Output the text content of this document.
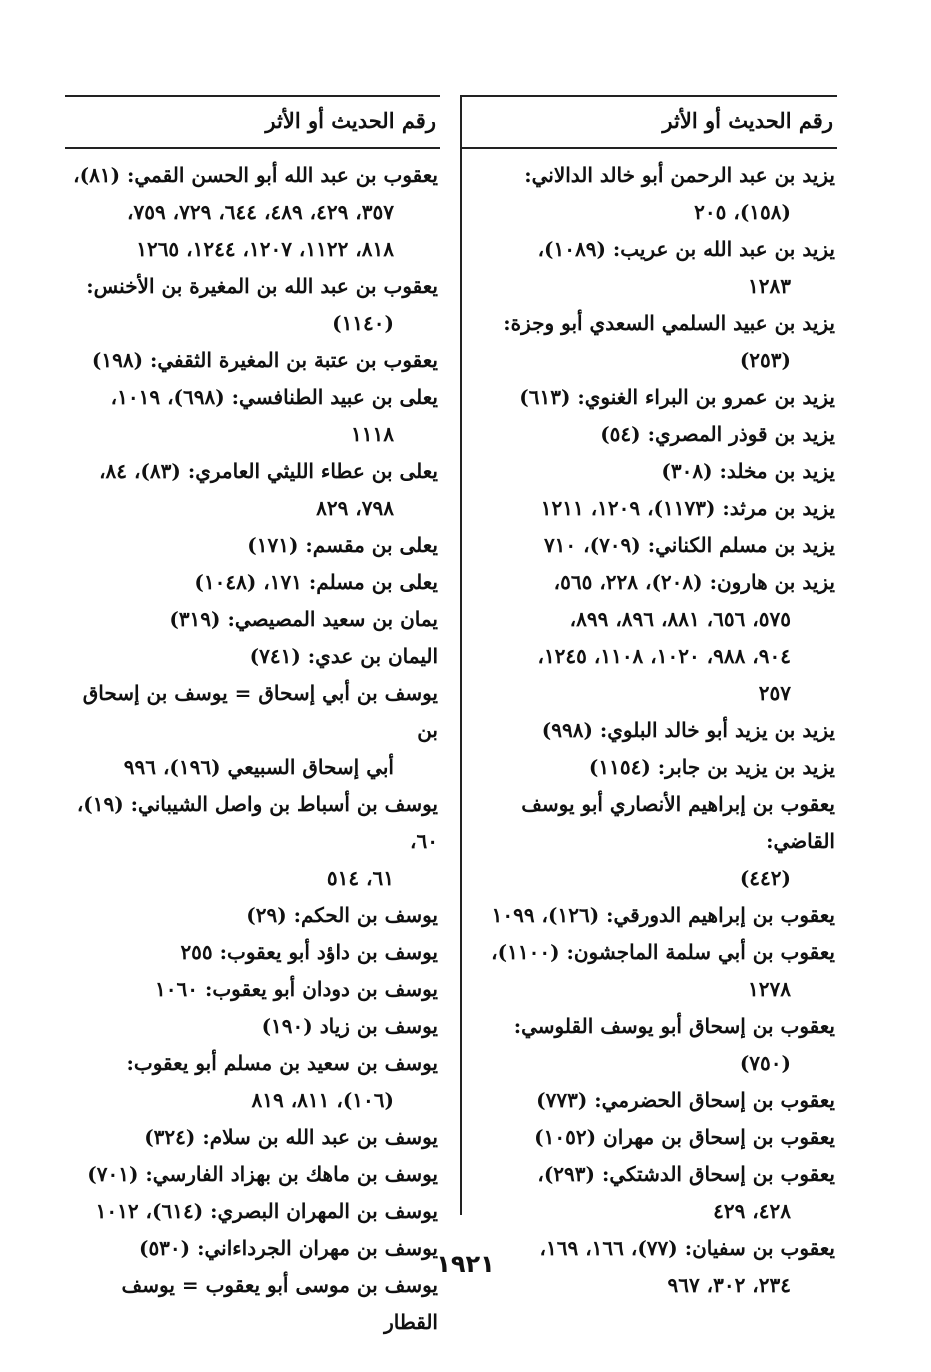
رقم الحديث أو الأثر
يزيد بن عبد الرحمن أبو خالد الدالاني:
(١٥٨)، ٢٠٥
يزيد بن عبد الله بن عريب: (١٠٨٩)،
١٢٨٣
يزيد بن عبيد السلمي السعدي أبو وجزة:
(٢٥٣)
يزيد بن عمرو بن البراء الغنوي: (٦١٣)
يزيد بن قوذر المصري: (٥٤)
يزيد بن مخلد: (٣٠٨)
يزيد بن مرثد: (١١٧٣)، ١٢٠٩، ١٢١١
يزيد بن مسلم الكناني: (٧٠٩)، ٧١٠
يزيد بن هارون: (٢٠٨)، ٢٢٨، ٥٦٥،
٥٧٥، ٦٥٦، ٨٨١، ٨٩٦، ٨٩٩،
٩٠٤، ٩٨٨، ١٠٢٠، ١١٠٨، ١٢٤٥،
٢٥٧
يزيد بن يزيد أبو خالد البلوي: (٩٩٨)
يزيد بن يزيد بن جابر: (١١٥٤)
يعقوب بن إبراهيم الأنصاري أبو يوسف القاضي:
(٤٤٢)
يعقوب بن إبراهيم الدورقي: (١٢٦)، ١٠٩٩
يعقوب بن أبي سلمة الماجشون: (١١٠٠)،
١٢٧٨
يعقوب بن إسحاق أبو يوسف القلوسي:
(٧٥٠)
يعقوب بن إسحاق الحضرمي: (٧٧٣)
يعقوب بن إسحاق بن مهران (١٠٥٢)
يعقوب بن إسحاق الدشتكي: (٢٩٣)،
٤٢٨، ٤٢٩
يعقوب بن سفيان: (٧٧)، ١٦٦، ١٦٩،
٢٣٤، ٣٠٢، ٩٦٧
رقم الحديث أو الأثر
يعقوب بن عبد الله أبو الحسن القمي: (٨١)،
٣٥٧، ٤٢٩، ٤٨٩، ٦٤٤، ٧٢٩، ٧٥٩،
٨١٨، ١١٢٢، ١٢٠٧، ١٢٤٤، ١٢٦٥
يعقوب بن عبد الله بن المغيرة بن الأخنس:
(١١٤٠)
يعقوب بن عتبة بن المغيرة الثقفي: (١٩٨)
يعلى بن عبيد الطنافسي: (٦٩٨)، ١٠١٩،
١١١٨
يعلى بن عطاء الليثي العامري: (٨٣)، ٨٤،
٧٩٨، ٨٢٩
يعلى بن مقسم: (١٧١)
يعلى بن مسلم: ١٧١، (١٠٤٨)
يمان بن سعيد المصيصي: (٣١٩)
اليمان بن عدي: (٧٤١)
يوسف بن أبي إسحاق = يوسف بن إسحاق بن
أبي إسحاق السبيعي (١٩٦)، ٩٩٦
يوسف بن أسباط بن واصل الشيباني: (١٩)، ٦٠،
٦١، ٥١٤
يوسف بن الحكم: (٢٩)
يوسف بن داؤد أبو يعقوب: ٢٥٥
يوسف بن دودان أبو يعقوب: ١٠٦٠
يوسف بن زياد (١٩٠)
يوسف بن سعيد بن مسلم أبو يعقوب:
(١٠٦)، ٨١١، ٨١٩
يوسف بن عبد الله بن سلام: (٣٢٤)
يوسف بن ماهك بن بهزاد الفارسي: (٧٠١)
يوسف بن المهران البصري: (٦١٤)، ١٠١٢
يوسف بن مهران الجرداءاني: (٥٣٠)
يوسف بن موسى أبو يعقوب = يوسف القطار
١٩٢١
